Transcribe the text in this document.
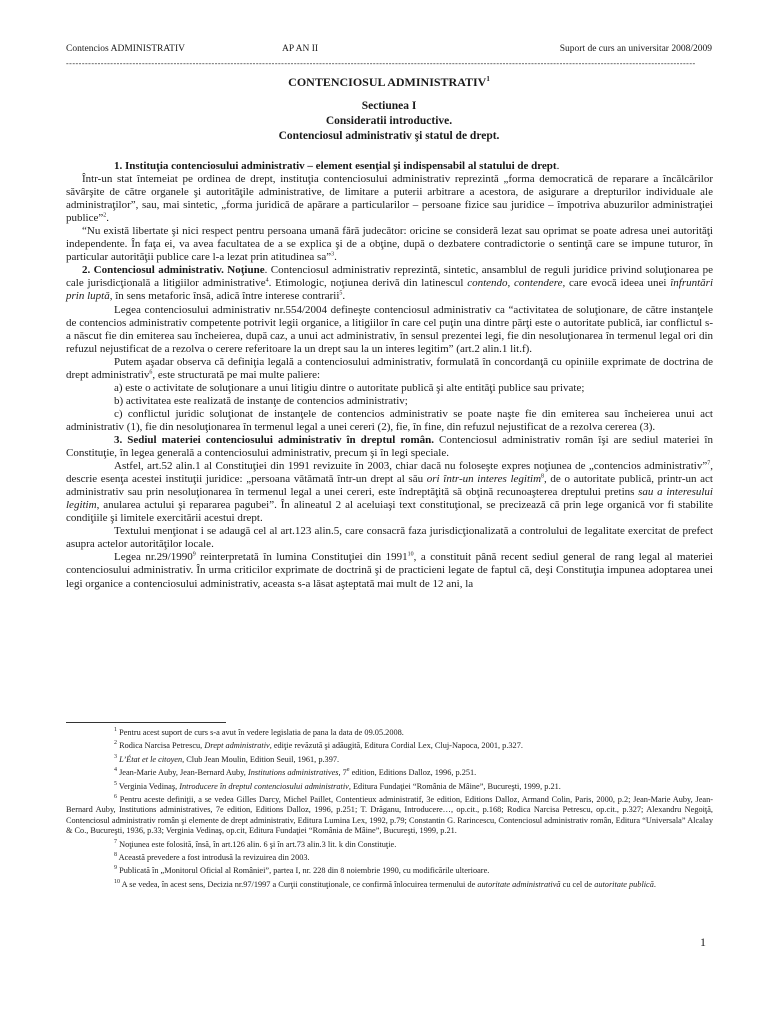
Contencios ADMINISTRATIV	AP AN II	Suport de curs an universitar 2008/2009
-------------------------------------------------------------------------------------------------------------------------------------------------------------------------------------------------------
CONTENCIOSUL ADMINISTRATIV$^1$
Sectiunea I
Consideratii introductive.
Contenciosul administrativ şi statul de drept.

1. Instituţia contenciosului administrativ – element esenţial şi indispensabil al statului de drept.

Într-un stat întemeiat pe ordinea de drept, instituţia contenciosului administrativ reprezintă „forma democratică de reparare a încălcărilor săvârşite de către organele şi autorităţile administrative, de limitare a puterii arbitrare a acestora, de asigurare a drepturilor individuale ale administraţilor”, sau, mai sintetic, „forma juridică de apărare a particularilor – persoane fizice sau juridice – împotriva abuzurilor administraţiei publice”$^2$.

“Nu există libertate şi nici respect pentru persoana umană fără judecător: oricine se consideră lezat sau oprimat se poate adresa unei autorităţi independente. În faţa ei, va avea facultatea de a se explica şi de a obţine, după o dezbatere contradictorie o sentinţă care se impune tuturor, în particular autorităţii publice care l-a lezat prin atitudinea sa”$^3$.

2. Contenciosul administrativ. Noţiune. Contenciosul administrativ reprezintă, sintetic, ansamblul de reguli juridice privind soluţionarea pe cale jurisdicţională a litigiilor administrative$^4$. Etimologic, noţiunea derivă din latinescul contendo, contendere, care evocă ideea unei înfruntări prin luptă, în sens metaforic însă, adică între interese contrarii$^5$.

Legea contenciosului administrativ nr.554/2004 defineşte contenciosul administrativ ca “activitatea de soluţionare, de către instanţele de contencios administrativ competente potrivit legii organice, a litigiilor în care cel puţin una dintre părţi este o autoritate publică, iar conflictul s-a născut fie din emiterea sau încheierea, după caz, a unui act administrativ, în sensul prezentei legi, fie din nesoluţionarea în termenul legal ori din refuzul nejustificat de a rezolva o cerere referitoare la un drept sau la un interes legitim” (art.2 alin.1 lit.f).

Putem aşadar observa că definiţia legală a contenciosului administrativ, formulată în concordanţă cu opiniile exprimate de doctrina de drept administrativ$^6$, este structurată pe mai multe paliere:

a) este o activitate de soluţionare a unui litigiu dintre o autoritate publică şi alte entităţi publice sau private;

b) activitatea este realizată de instanţe de contencios administrativ;

c) conflictul juridic soluţionat de instanţele de contencios administrativ se poate naşte fie din emiterea sau încheierea unui act administrativ (1), fie din nesoluţionarea în termenul legal a unei cereri (2), fie, în fine, din refuzul nejustificat de a rezolva cererea (3).

3. Sediul materiei contenciosului administrativ în dreptul român. Contenciosul administrativ român îşi are sediul materiei în Constituţie, în legea generală a contenciosului administrativ, precum şi în legi speciale.

Astfel, art.52 alin.1 al Constituţiei din 1991 revizuite în 2003, chiar dacă nu foloseşte expres noţiunea de „contencios administrativ”$^7$, descrie esenţa acestei instituţii juridice: „persoana vătămată într-un drept al său ori într-un interes legitim$^8$, de o autoritate publică, printr-un act administrativ sau prin nesoluţionarea în termenul legal a unei cereri, este îndreptăţită să obţină recunoaşterea dreptului pretins sau a interesului legitim, anularea actului şi repararea pagubei”. În alineatul 2 al aceluiaşi text constituţional, se precizează că prin lege organică vor fi stabilite condiţiile şi limitele exercitării acestui drept.

Textului menţionat i se adaugă cel al art.123 alin.5, care consacră faza jurisdicţionalizată a controlului de legalitate exercitat de prefect asupra actelor autorităţilor locale.

Legea nr.29/1990$^9$ reinterpretată în lumina Constituţiei din 1991$^{10}$, a constituit până recent sediul general de rang legal al materiei contenciosului administrativ. În urma criticilor exprimate de doctrină şi de practicieni legate de faptul că, deşi Constituţia impunea adoptarea unei legi organice a contenciosului administrativ, aceasta s-a lăsat aşteptată mai mult de 12 ani, la

$^1$ Pentru acest suport de curs s-a avut în vedere legislatia de pana la data de 09.05.2008.

$^2$ Rodica Narcisa Petrescu, Drept administrativ, ediţie revăzută şi adăugită, Editura Cordial Lex, Cluj-Napoca, 2001, p.327.

$^3$ L’État et le citoyen, Club Jean Moulin, Edition Seuil, 1961, p.397.

$^4$ Jean-Marie Auby, Jean-Bernard Auby, Institutions administratives, 7e edition, Editions Dalloz, 1996, p.251.

$^5$ Verginia Vedinaş, Introducere în dreptul contenciosului administrativ, Editura Fundaţiei “România de Mâine”, Bucureşti, 1999, p.21.

$^6$ Pentru aceste definiţii, a se vedea Gilles Darcy, Michel Paillet, Contentieux administratif, 3e edition, Editions Dalloz, Armand Colin, Paris, 2000, p.2; Jean-Marie Auby, Jean-Bernard Auby, Institutions administratives, 7e edition, Editions Dalloz, 1996, p.251; T. Drăganu, Introducere…, op.cit., p.168; Rodica Narcisa Petrescu, op.cit., p.327; Alexandru Negoiţă, Contenciosul administrativ român şi elemente de drept administrativ, Editura Lumina Lex, 1992, p.79; Constantin G. Rarincescu, Contenciosul administrativ român, Editura “Universala” Alcalay & Co., Bucureşti, 1936, p.33; Verginia Vedinaş, op.cit, Editura Fundaţiei “România de Mâine”, Bucureşti, 1999, p.21.

$^7$ Noţiunea este folosită, însă, în art.126 alin. 6 şi în art.73 alin.3 lit. k din Constituţie.

$^8$ Această prevedere a fost introdusă la revizuirea din 2003.

$^9$ Publicată în „Monitorul Oficial al României”, partea I, nr. 228 din 8 noiembrie 1990, cu modificările ulterioare.

$^{10}$ A se vedea, în acest sens, Decizia nr.97/1997 a Curţii constituţionale, ce confirmă înlocuirea termenului de autoritate administrativă cu cel de autoritate publică.

1
